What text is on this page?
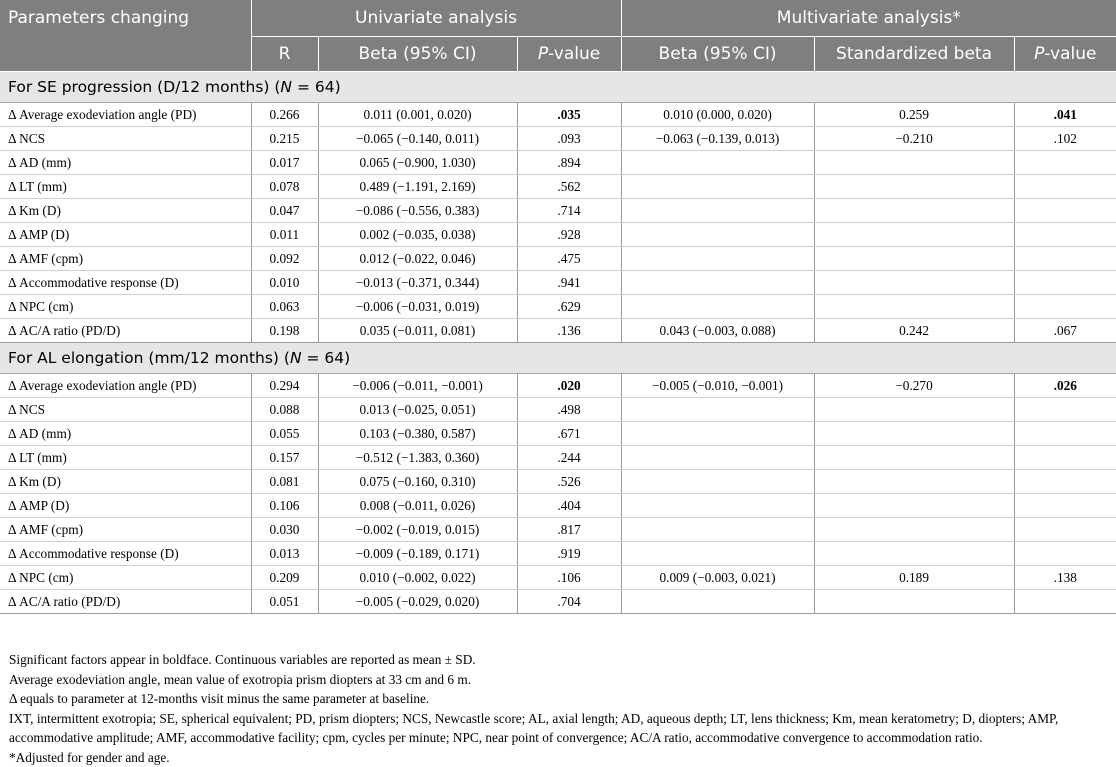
Parameters changing	Univariate analysis			Multivariate analysis*		
	R	Beta (95% CI)	P-value	Beta (95% CI)	Standardized beta	P-value
For SE progression (D/12 months) (N = 64)						
Δ Average exodeviation angle (PD)	0.266	0.011 (0.001, 0.020)	.035	0.010 (0.000, 0.020)	0.259	.041
Δ NCS	0.215	−0.065 (−0.140, 0.011)	.093	−0.063 (−0.139, 0.013)	−0.210	.102
Δ AD (mm)	0.017	0.065 (−0.900, 1.030)	.894			
Δ LT (mm)	0.078	0.489 (−1.191, 2.169)	.562			
Δ Km (D)	0.047	−0.086 (−0.556, 0.383)	.714			
Δ AMP (D)	0.011	0.002 (−0.035, 0.038)	.928			
Δ AMF (cpm)	0.092	0.012 (−0.022, 0.046)	.475			
Δ Accommodative response (D)	0.010	−0.013 (−0.371, 0.344)	.941			
Δ NPC (cm)	0.063	−0.006 (−0.031, 0.019)	.629			
Δ AC/A ratio (PD/D)	0.198	0.035 (−0.011, 0.081)	.136	0.043 (−0.003, 0.088)	0.242	.067
For AL elongation (mm/12 months) (N = 64)						
Δ Average exodeviation angle (PD)	0.294	−0.006 (−0.011, −0.001)	.020	−0.005 (−0.010, −0.001)	−0.270	.026
Δ NCS	0.088	0.013 (−0.025, 0.051)	.498			
Δ AD (mm)	0.055	0.103 (−0.380, 0.587)	.671			
Δ LT (mm)	0.157	−0.512 (−1.383, 0.360)	.244			
Δ Km (D)	0.081	0.075 (−0.160, 0.310)	.526			
Δ AMP (D)	0.106	0.008 (−0.011, 0.026)	.404			
Δ AMF (cpm)	0.030	−0.002 (−0.019, 0.015)	.817			
Δ Accommodative response (D)	0.013	−0.009 (−0.189, 0.171)	.919			
Δ NPC (cm)	0.209	0.010 (−0.002, 0.022)	.106	0.009 (−0.003, 0.021)	0.189	.138
Δ AC/A ratio (PD/D)	0.051	−0.005 (−0.029, 0.020)	.704			

Significant factors appear in boldface. Continuous variables are reported as mean ± SD.

Average exodeviation angle, mean value of exotropia prism diopters at 33 cm and 6 m.

Δ equals to parameter at 12-months visit minus the same parameter at baseline.

IXT, intermittent exotropia; SE, spherical equivalent; PD, prism diopters; NCS, Newcastle score; AL, axial length; AD, aqueous depth; LT, lens thickness; Km, mean keratometry; D, diopters; AMP, accommodative amplitude; AMF, accommodative facility; cpm, cycles per minute; NPC, near point of convergence; AC/A ratio, accommodative convergence to accommodation ratio.

*Adjusted for gender and age.
